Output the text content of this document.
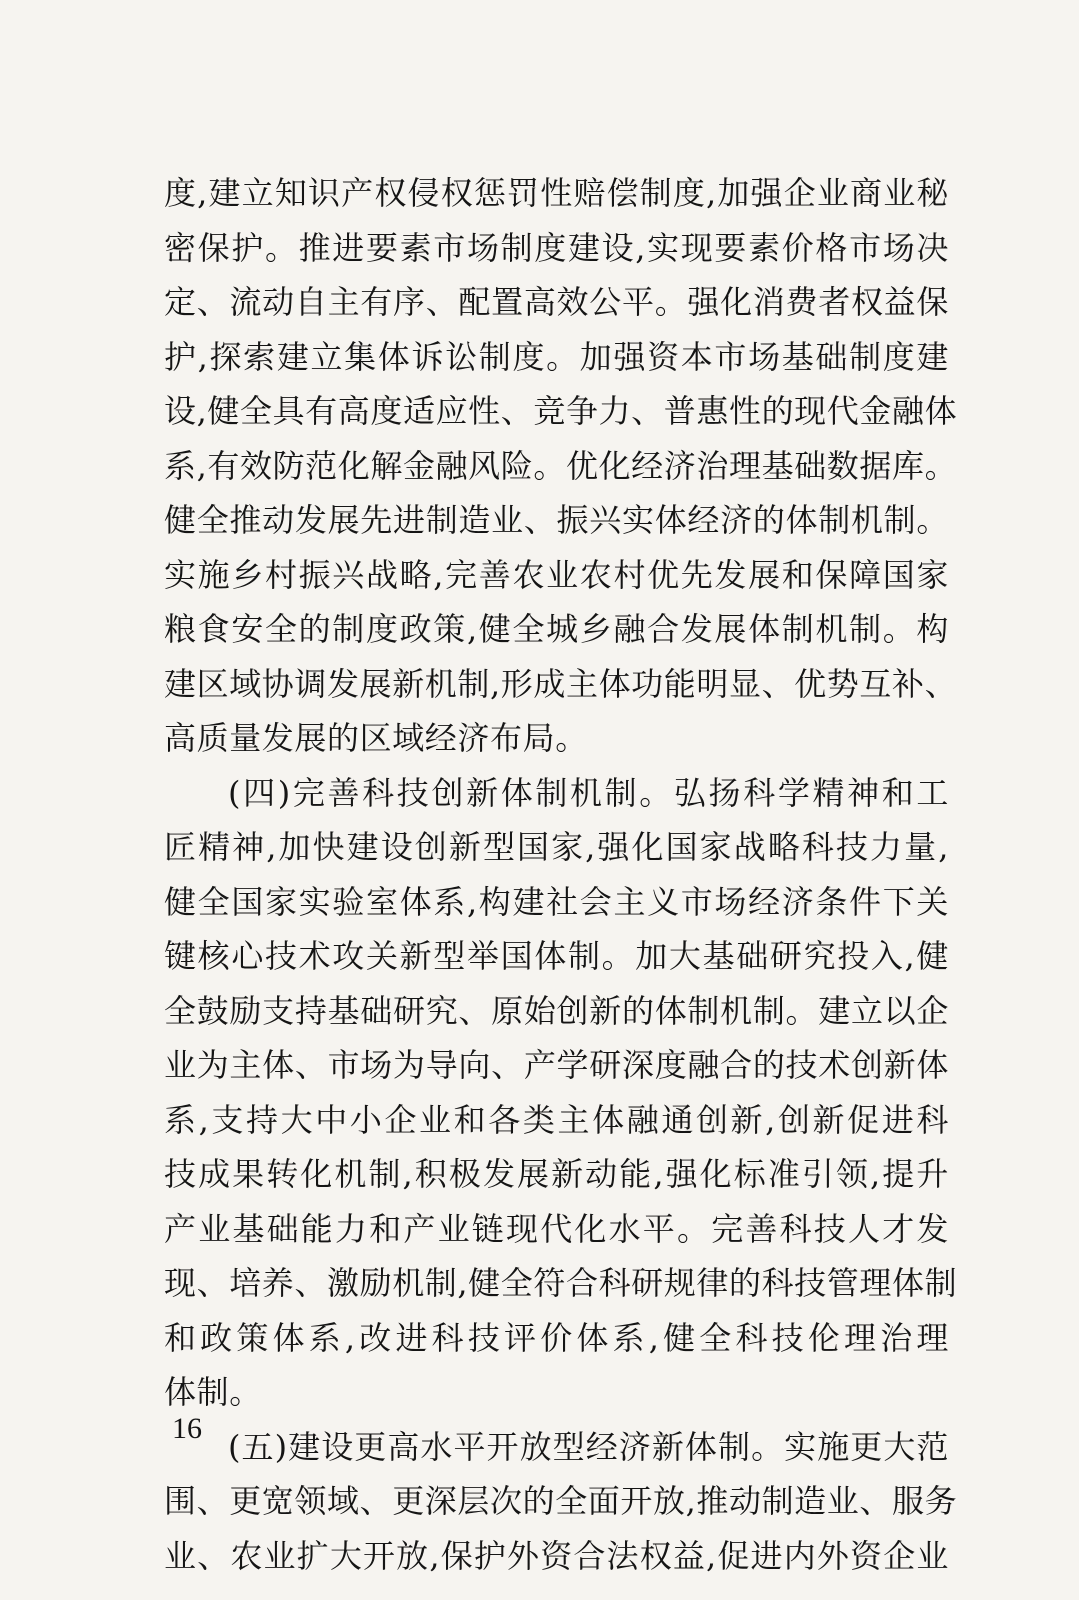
度,建立知识产权侵权惩罚性赔偿制度,加强企业商业秘
密保护。推进要素市场制度建设,实现要素价格市场决
定、流动自主有序、配置高效公平。强化消费者权益保
护,探索建立集体诉讼制度。加强资本市场基础制度建
设,健全具有高度适应性、竞争力、普惠性的现代金融体
系,有效防范化解金融风险。优化经济治理基础数据库。
健全推动发展先进制造业、振兴实体经济的体制机制。
实施乡村振兴战略,完善农业农村优先发展和保障国家
粮食安全的制度政策,健全城乡融合发展体制机制。构
建区域协调发展新机制,形成主体功能明显、优势互补、
高质量发展的区域经济布局。
(四)完善科技创新体制机制。弘扬科学精神和工
匠精神,加快建设创新型国家,强化国家战略科技力量,
健全国家实验室体系,构建社会主义市场经济条件下关
键核心技术攻关新型举国体制。加大基础研究投入,健
全鼓励支持基础研究、原始创新的体制机制。建立以企
业为主体、市场为导向、产学研深度融合的技术创新体
系,支持大中小企业和各类主体融通创新,创新促进科
技成果转化机制,积极发展新动能,强化标准引领,提升
产业基础能力和产业链现代化水平。完善科技人才发
现、培养、激励机制,健全符合科研规律的科技管理体制
和政策体系,改进科技评价体系,健全科技伦理治理
体制。
(五)建设更高水平开放型经济新体制。实施更大范
围、更宽领域、更深层次的全面开放,推动制造业、服务
业、农业扩大开放,保护外资合法权益,促进内外资企业
16
